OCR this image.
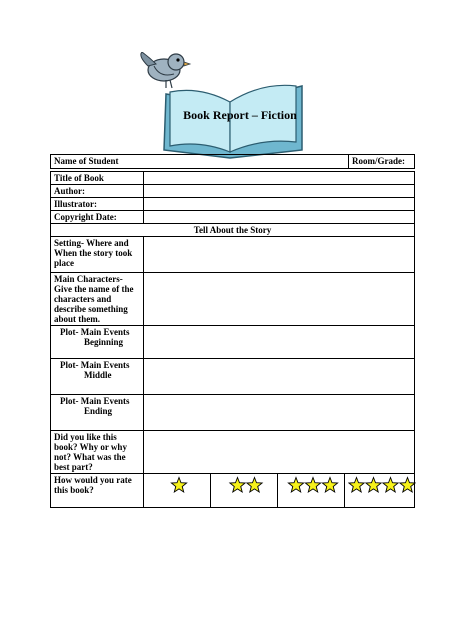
Book Report – Fiction
Name of Student					Room/Grade:

Title of Book					
Author:					
Illustrator:					
Copyright Date:					
Tell About the Story					
Setting- Where and When the story took place					
Main Characters- Give the name of the characters and describe something about them.					

Plot- Main Events
Beginning					

Plot- Main Events
Middle					

Plot- Main Events
Ending					

Did you like this book? Why or why not? What was the best part?					
How would you rate this book?	
